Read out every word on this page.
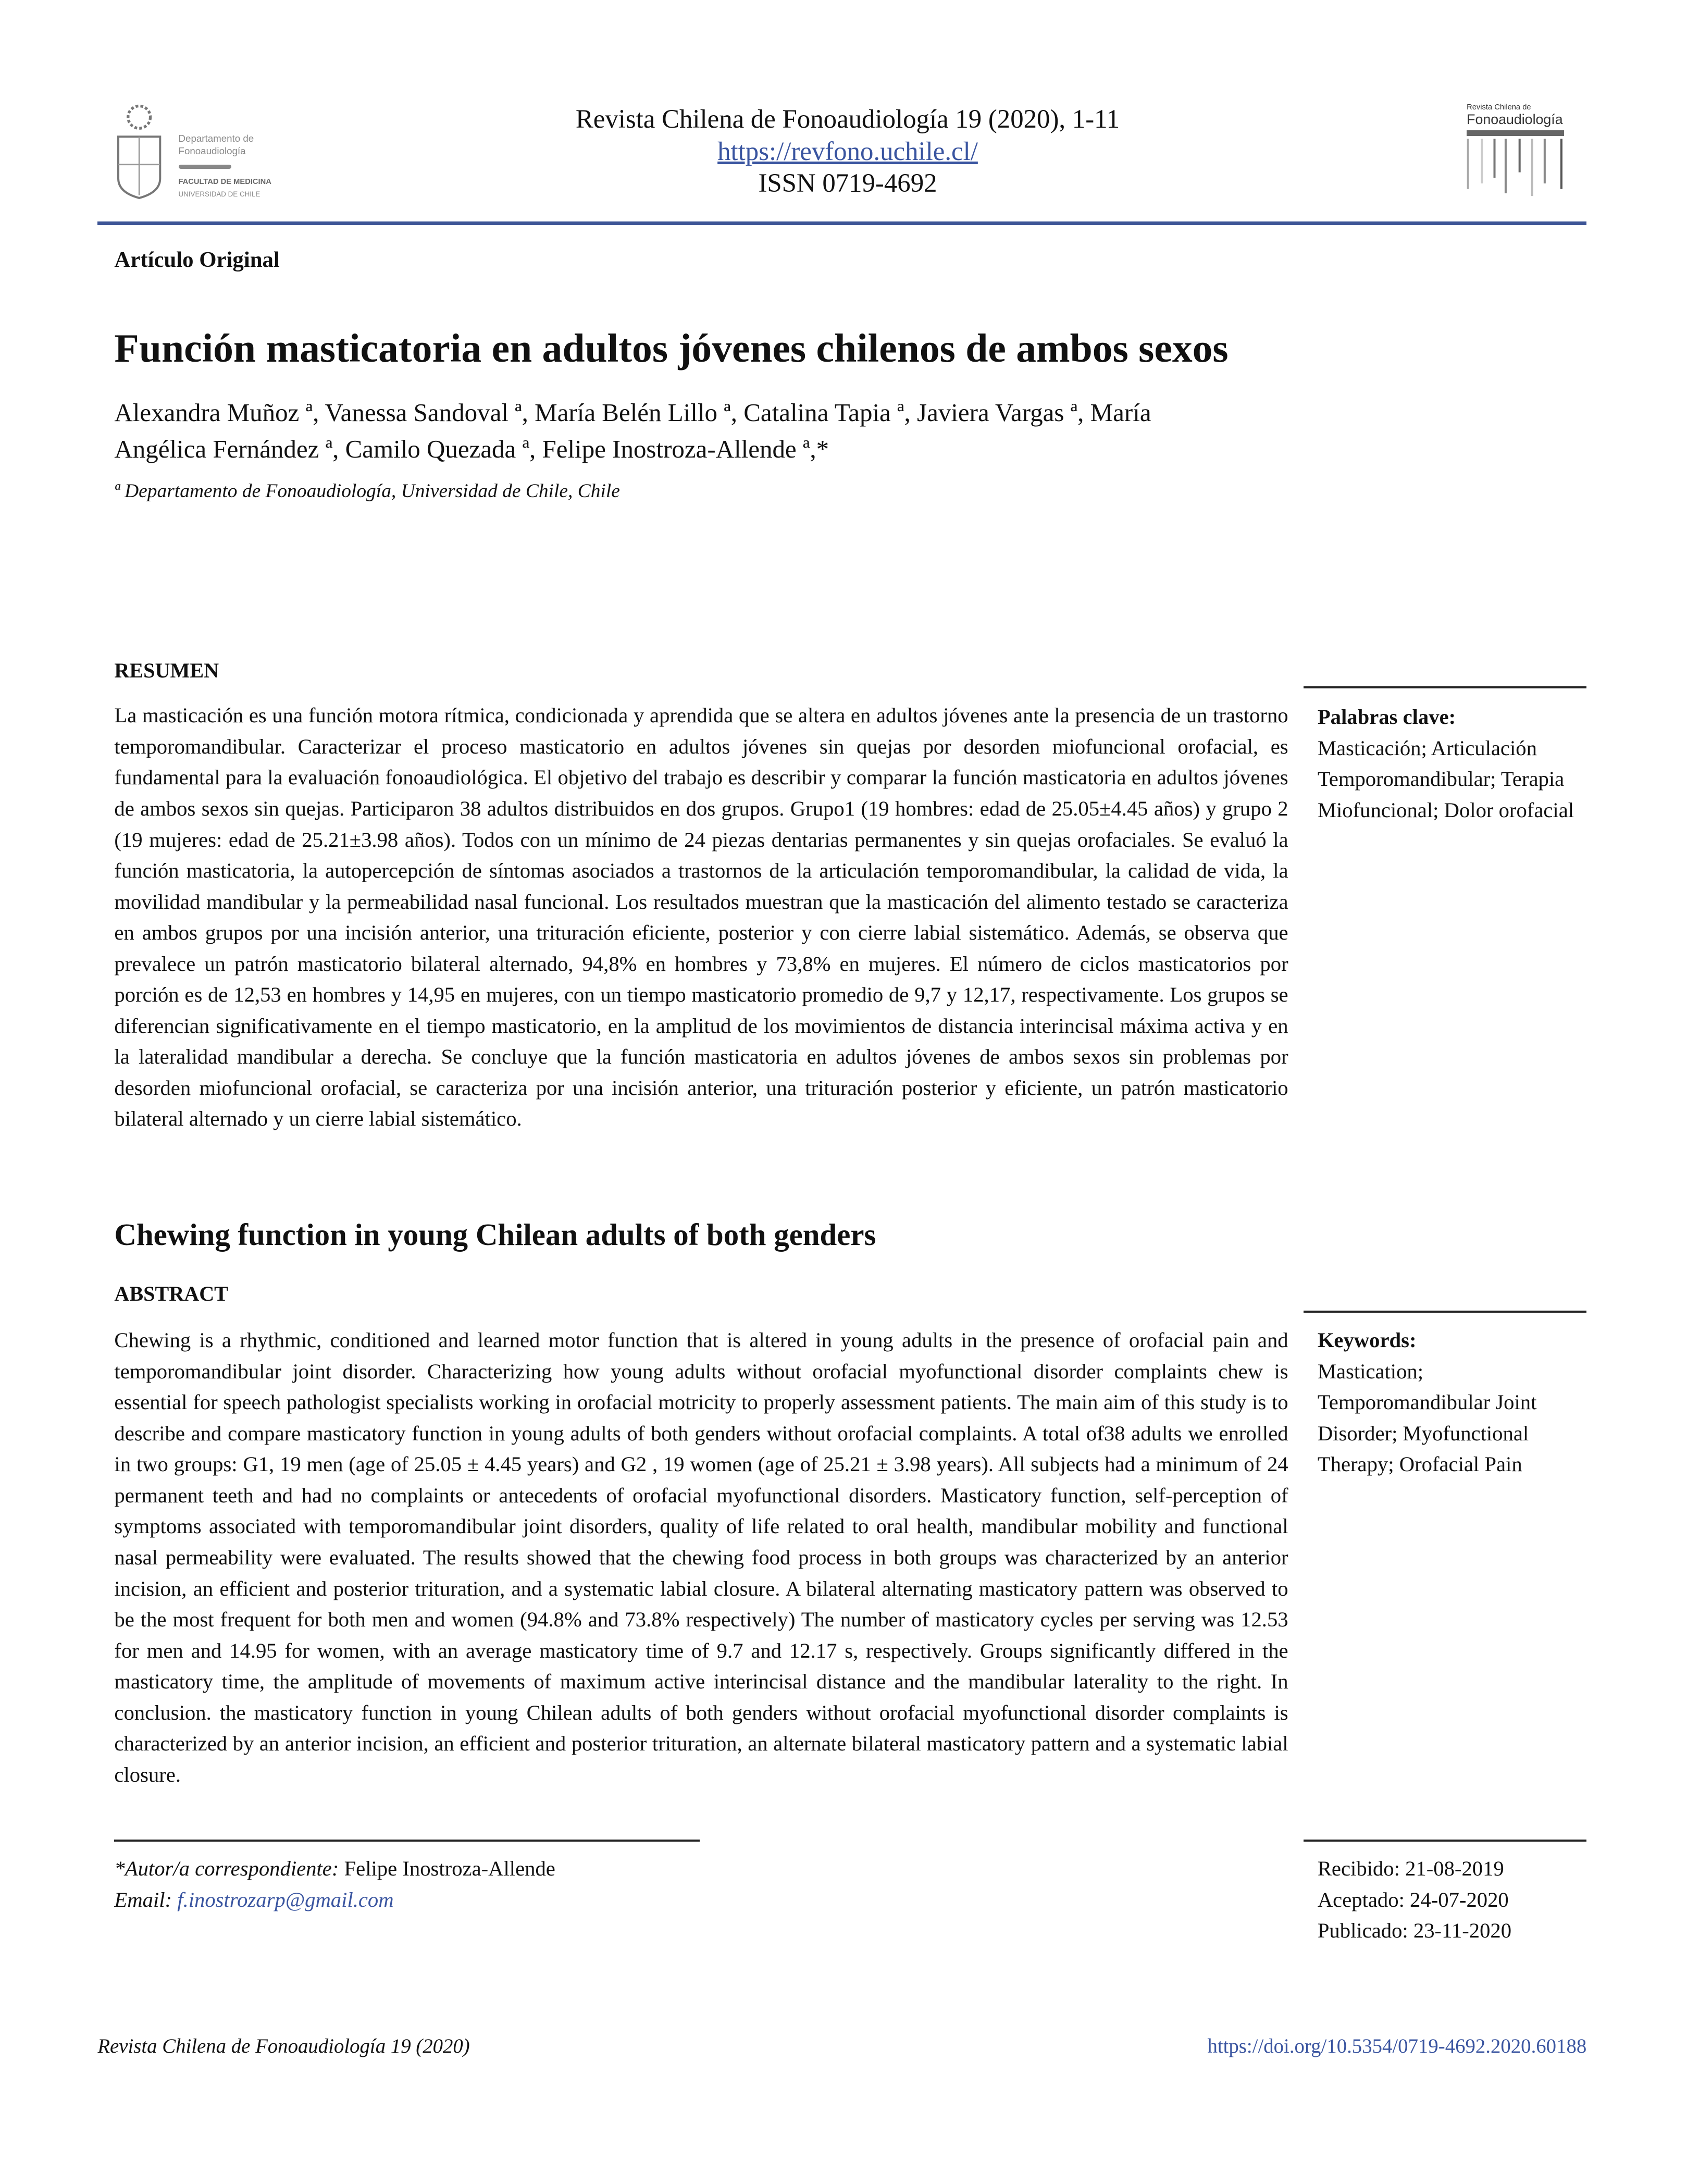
Departamento de
Fonoaudiología
FACULTAD DE MEDICINA
UNIVERSIDAD DE CHILE
Revista Chilena de Fonoaudiología 19 (2020), 1-11
https://revfono.uchile.cl/
ISSN 0719-4692
Revista Chilena de
Fonoaudiología
Artículo Original
Función masticatoria en adultos jóvenes chilenos de ambos sexos
Alexandra Muñoz ª, Vanessa Sandoval ª, María Belén Lillo ª, Catalina Tapia ª, Javiera Vargas ª, María
Angélica Fernández ª, Camilo Quezada ª, Felipe Inostroza-Allende ª,*
ª Departamento de Fonoaudiología, Universidad de Chile, Chile
RESUMEN
La masticación es una función motora rítmica, condicionada y aprendida que se altera en adultos jóvenes ante la presencia de un trastorno temporomandibular. Caracterizar el proceso masticatorio en adultos jóvenes sin quejas por desorden miofuncional orofacial, es fundamental para la evaluación fonoaudiológica. El objetivo del trabajo es describir y comparar la función masticatoria en adultos jóvenes de ambos sexos sin quejas. Participaron 38 adultos distribuidos en dos grupos. Grupo1 (19 hombres: edad de 25.05±4.45 años) y grupo 2 (19 mujeres: edad de 25.21±3.98 años). Todos con un mínimo de 24 piezas dentarias permanentes y sin quejas orofaciales. Se evaluó la función masticatoria, la autopercepción de síntomas asociados a trastornos de la articulación temporomandibular, la calidad de vida, la movilidad mandibular y la permeabilidad nasal funcional. Los resultados muestran que la masticación del alimento testado se caracteriza en ambos grupos por una incisión anterior, una trituración eficiente, posterior y con cierre labial sistemático. Además, se observa que prevalece un patrón masticatorio bilateral alternado, 94,8% en hombres y 73,8% en mujeres. El número de ciclos masticatorios por porción es de 12,53 en hombres y 14,95 en mujeres, con un tiempo masticatorio promedio de 9,7 y 12,17, respectivamente. Los grupos se diferencian significativamente en el tiempo masticatorio, en la amplitud de los movimientos de distancia interincisal máxima activa y en la lateralidad mandibular a derecha. Se concluye que la función masticatoria en adultos jóvenes de ambos sexos sin problemas por desorden miofuncional orofacial, se caracteriza por una incisión anterior, una trituración posterior y eficiente, un patrón masticatorio bilateral alternado y un cierre labial sistemático.
Palabras clave:
Masticación; Articulación Temporomandibular; Terapia Miofuncional; Dolor orofacial
Chewing function in young Chilean adults of both genders
ABSTRACT
Chewing is a rhythmic, conditioned and learned motor function that is altered in young adults in the presence of orofacial pain and temporomandibular joint disorder. Characterizing how young adults without orofacial myofunctional disorder complaints chew is essential for speech pathologist specialists working in orofacial motricity to properly assessment patients. The main aim of this study is to describe and compare masticatory function in young adults of both genders without orofacial complaints. A total of38 adults we enrolled in two groups: G1, 19 men (age of 25.05 ± 4.45 years) and G2 , 19 women (age of 25.21 ± 3.98 years). All subjects had a minimum of 24 permanent teeth and had no complaints or antecedents of orofacial myofunctional disorders. Masticatory function, self-perception of symptoms associated with temporomandibular joint disorders, quality of life related to oral health, mandibular mobility and functional nasal permeability were evaluated. The results showed that the chewing food process in both groups was characterized by an anterior incision, an efficient and posterior trituration, and a systematic labial closure. A bilateral alternating masticatory pattern was observed to be the most frequent for both men and women (94.8% and 73.8% respectively) The number of masticatory cycles per serving was 12.53 for men and 14.95 for women, with an average masticatory time of 9.7 and 12.17 s, respectively. Groups significantly differed in the masticatory time, the amplitude of movements of maximum active interincisal distance and the mandibular laterality to the right. In conclusion. the masticatory function in young Chilean adults of both genders without orofacial myofunctional disorder complaints is characterized by an anterior incision, an efficient and posterior trituration, an alternate bilateral masticatory pattern and a systematic labial closure.
Keywords:
Mastication; Temporomandibular Joint Disorder; Myofunctional Therapy; Orofacial Pain
*Autor/a correspondiente: Felipe Inostroza-Allende
Email: f.inostrozarp@gmail.com
Recibido: 21-08-2019
Aceptado: 24-07-2020
Publicado: 23-11-2020
Revista Chilena de Fonoaudiología 19 (2020)	https://doi.org/10.5354/0719-4692.2020.60188
